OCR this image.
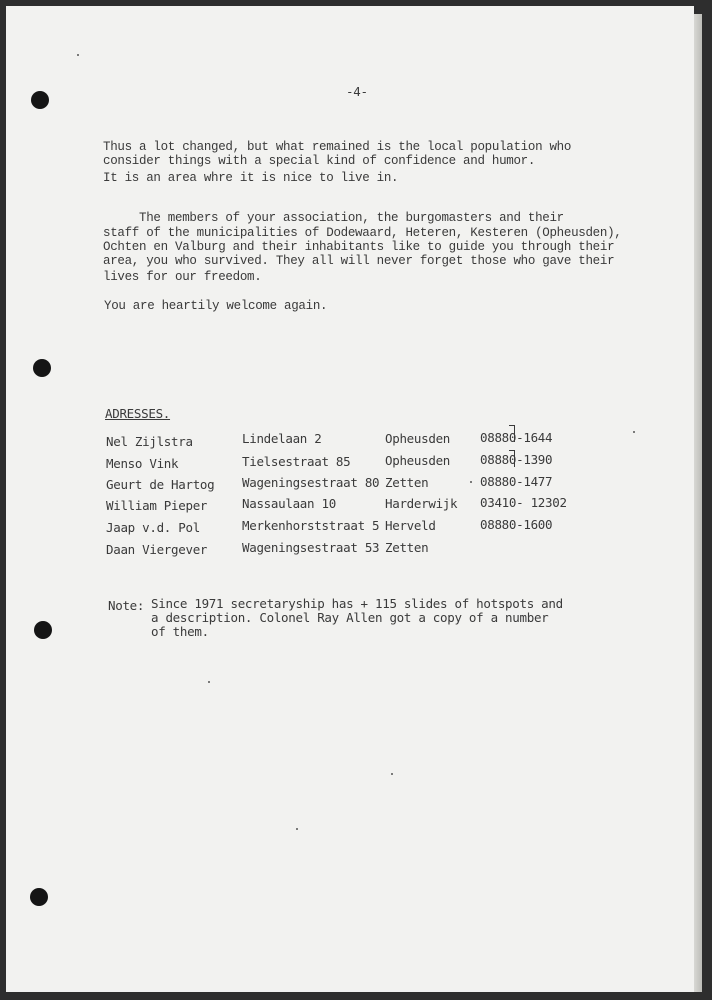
-4-

Thus a lot changed, but what remained is the local population who

consider things with a special kind of confidence and humor.

It is an area whre it is nice to live in.

The members of your association, the burgomasters and their

staff of the municipalities of Dodewaard, Heteren, Kesteren (Opheusden),

Ochten en Valburg and their inhabitants like to guide you through their

area, you who survived. They all will never forget those who gave their

lives for our freedom.

You are heartily welcome again.
ADRESSES.
Nel Zijlstra	Lindelaan 2	Opheusden 08880-1644
Menso Vink	Tielsestraat 85	Opheusden 08880-1390
Geurt de Hartog Wageningsestraat 80 Zetten	08880-1477
William Pieper	Nassaulaan 10	Harderwijk 03410- 12302
Jaap v.d. Pol	Merkenhorststraat 5 Herveld	08880-1600
Daan Viergever	Wageningsestraat 53 Zetten
Note:

Since 1971 secretaryship has + 115 slides of hotspots and

a description. Colonel Ray Allen got a copy of a number

of them.
